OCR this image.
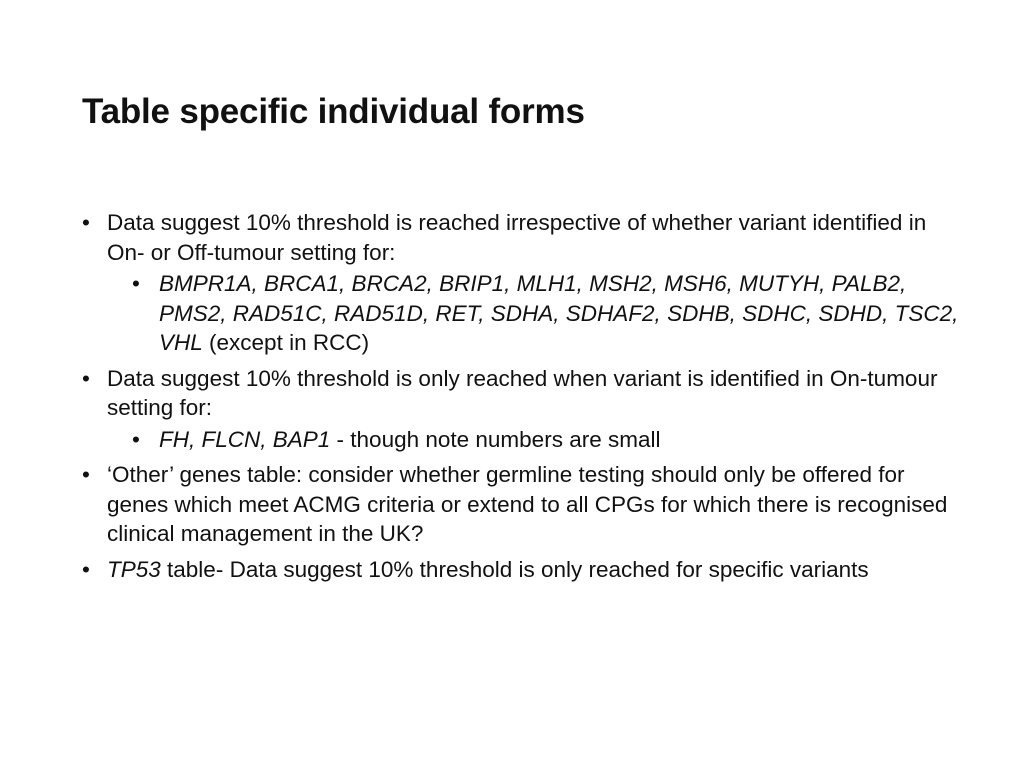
Table specific individual forms
• Data suggest 10% threshold is reached irrespective of whether variant identified in On- or Off-tumour setting for:
• BMPR1A, BRCA1, BRCA2, BRIP1, MLH1, MSH2, MSH6, MUTYH, PALB2, PMS2, RAD51C, RAD51D, RET, SDHA, SDHAF2, SDHB, SDHC, SDHD, TSC2, VHL (except in RCC)
• Data suggest 10% threshold is only reached when variant is identified in On-tumour setting for:
• FH, FLCN, BAP1 - though note numbers are small
• ‘Other’ genes table: consider whether germline testing should only be offered for genes which meet ACMG criteria or extend to all CPGs for which there is recognised clinical management in the UK?
• TP53 table- Data suggest 10% threshold is only reached for specific variants
